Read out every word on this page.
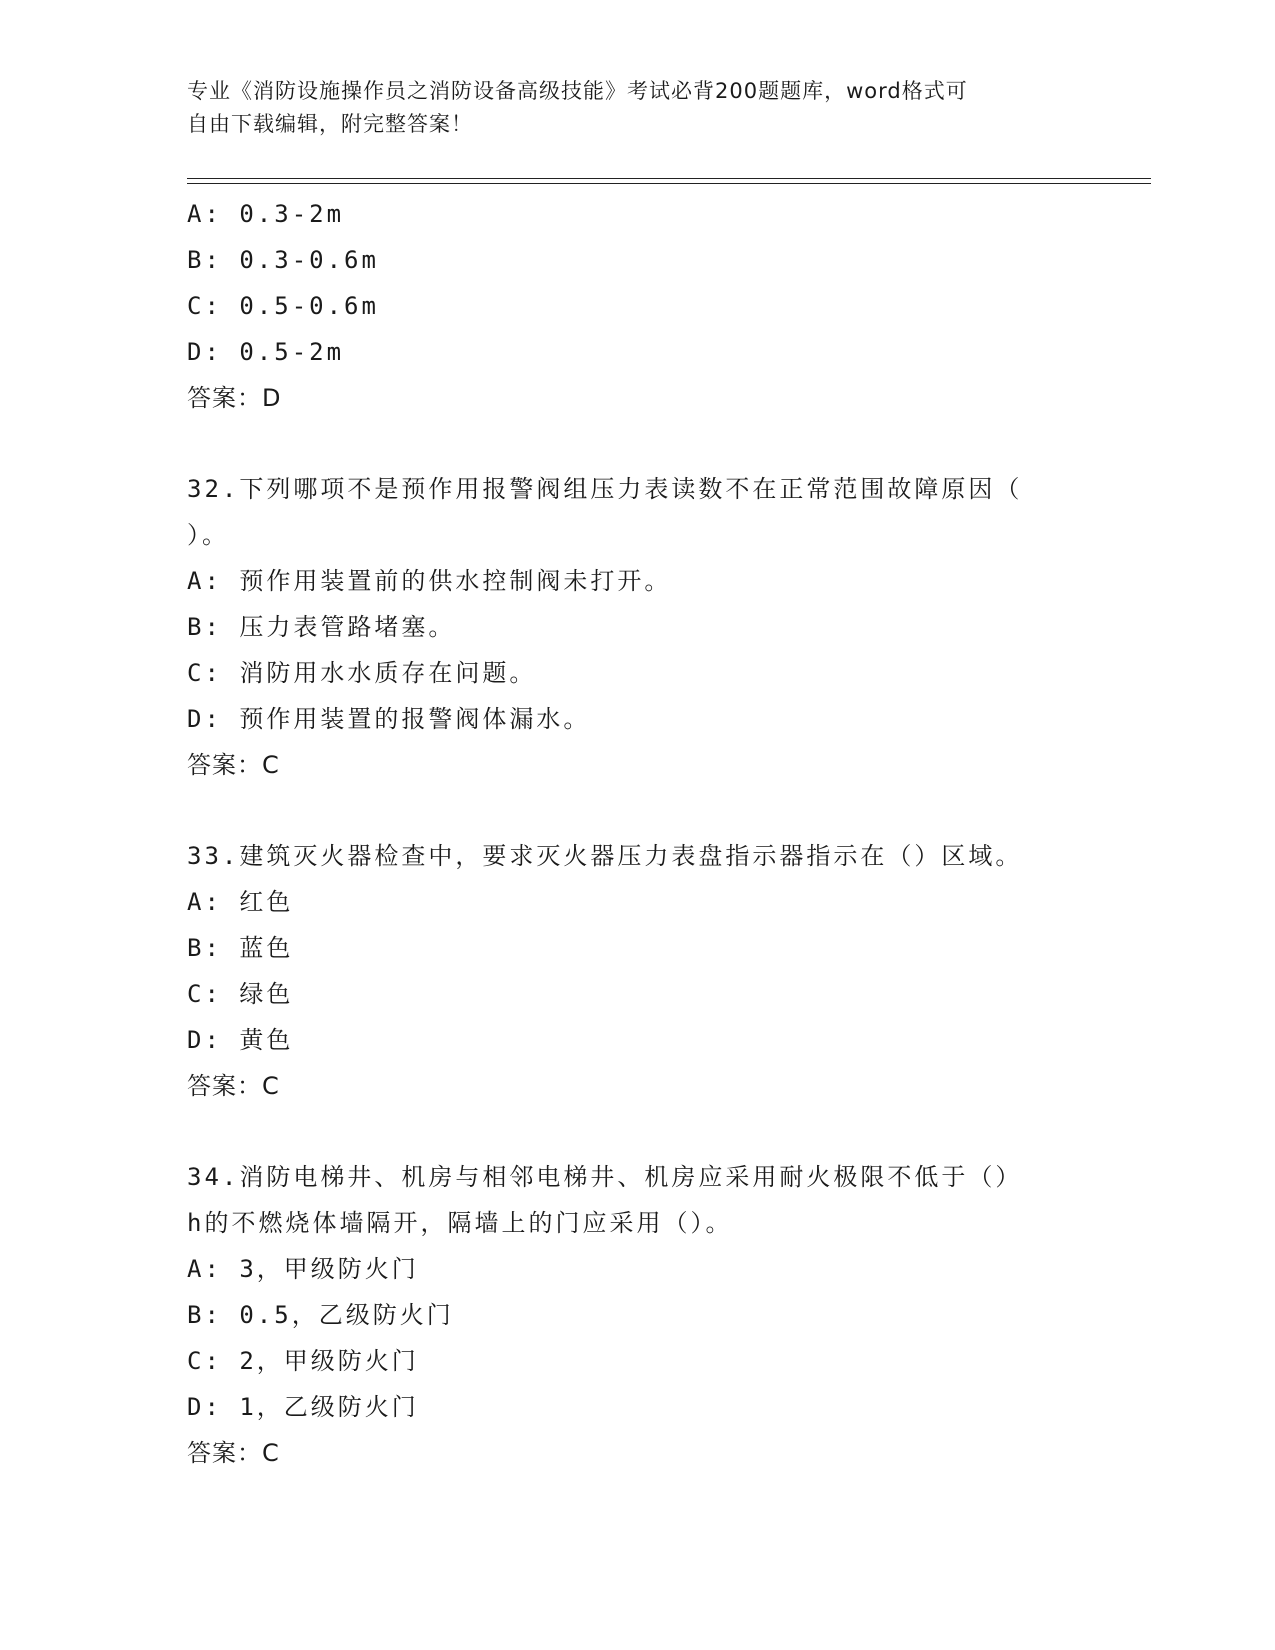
专业《消防设施操作员之消防设备高级技能》考试必背200题题库，word格式可
自由下载编辑，附完整答案！
A: 0.3-2m
B: 0.3-0.6m
C: 0.5-0.6m
D: 0.5-2m
答案：D
32.下列哪项不是预作用报警阀组压力表读数不在正常范围故障原因（
）。
A: 预作用装置前的供水控制阀未打开。
B: 压力表管路堵塞。
C: 消防用水水质存在问题。
D: 预作用装置的报警阀体漏水。
答案：C
33.建筑灭火器检查中，要求灭火器压力表盘指示器指示在（）区域。
A: 红色
B: 蓝色
C: 绿色
D: 黄色
答案：C
34.消防电梯井、机房与相邻电梯井、机房应采用耐火极限不低于（）
h的不燃烧体墙隔开，隔墙上的门应采用（）。
A: 3，甲级防火门
B: 0.5，乙级防火门
C: 2，甲级防火门
D: 1，乙级防火门
答案：C
